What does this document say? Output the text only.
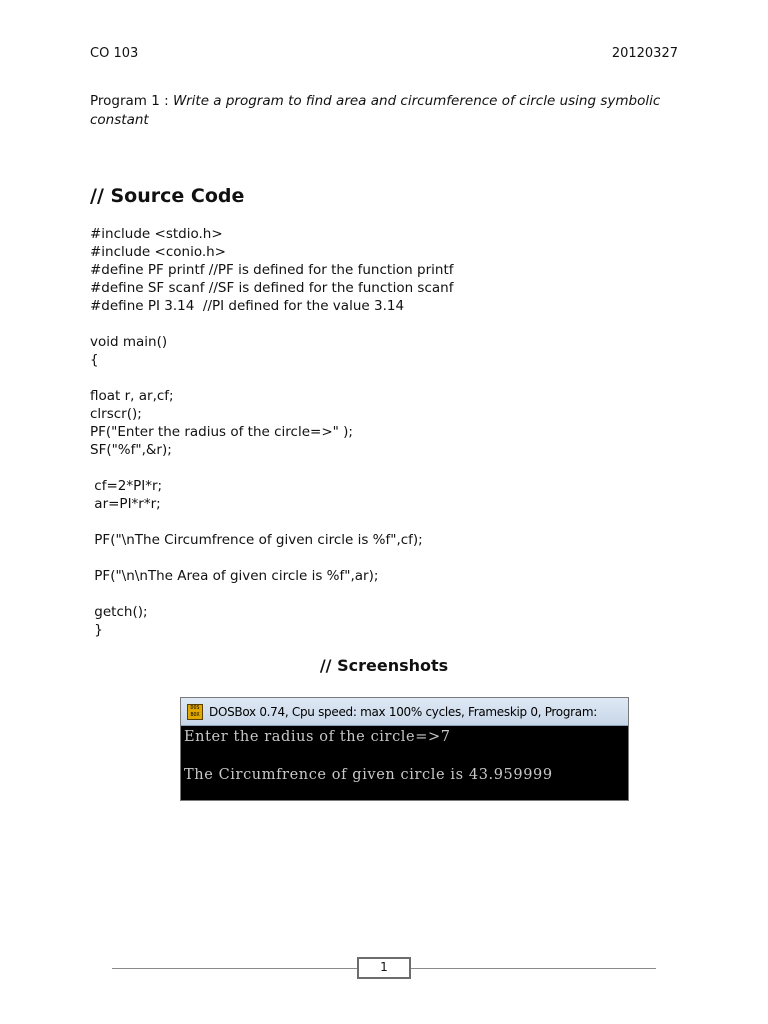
CO 103	20120327
Program 1 : Write a program to find area and circumference of circle using symbolic constant
// Source Code
#include <stdio.h>
#include <conio.h>
#define PF printf //PF is defined for the function printf
#define SF scanf //SF is defined for the function scanf
#define PI 3.14  //PI defined for the value 3.14
void main()
{
float r, ar,cf;
clrscr();
PF("Enter the radius of the circle=>" );
SF("%f",&r);
cf=2*PI*r;
ar=PI*r*r;
PF("\nThe Circumfrence of given circle is %f",cf);
PF("\n\nThe Area of given circle is %f",ar);
getch();
}
// Screenshots
DOS BOX DOSBox 0.74, Cpu speed: max 100% cycles, Frameskip 0, Program:
Enter the radius of the circle=>7
The Circumfrence of given circle is 43.959999
1
